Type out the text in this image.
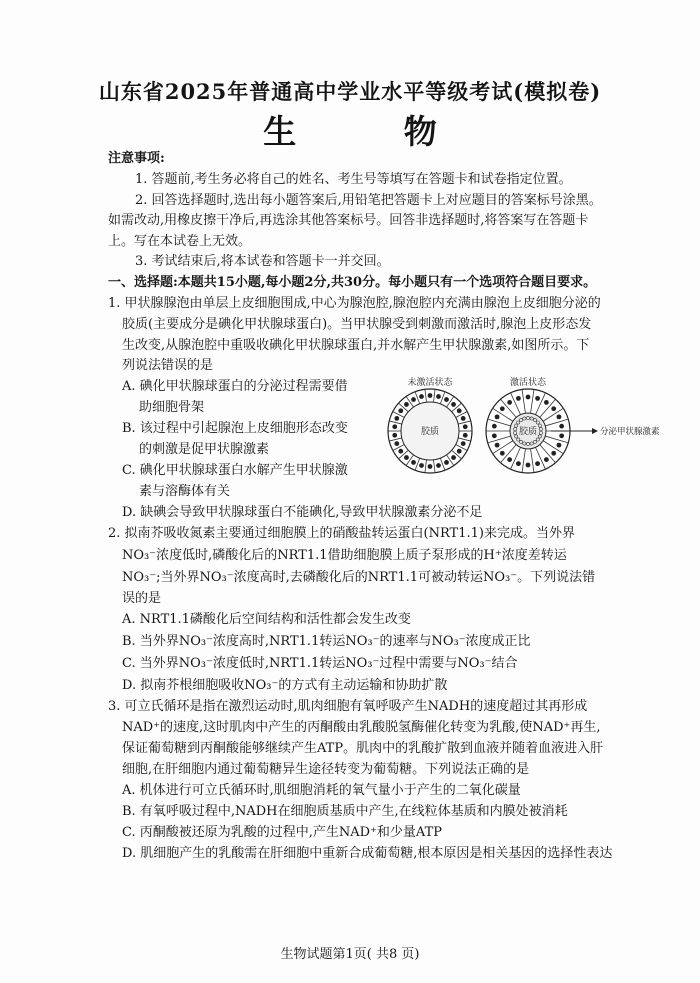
山东省2025年普通高中学业水平等级考试(模拟卷)
生 物
注意事项:
1. 答题前,考生务必将自己的姓名、考生号等填写在答题卡和试卷指定位置。
2. 回答选择题时,选出每小题答案后,用铅笔把答题卡上对应题目的答案标号涂黑。
如需改动,用橡皮擦干净后,再选涂其他答案标号。回答非选择题时,将答案写在答题卡
上。写在本试卷上无效。
3. 考试结束后,将本试卷和答题卡一并交回。
一、选择题:本题共15小题,每小题2分,共30分。每小题只有一个选项符合题目要求。
1. 甲状腺腺泡由单层上皮细胞围成,中心为腺泡腔,腺泡腔内充满由腺泡上皮细胞分泌的
胶质(主要成分是碘化甲状腺球蛋白)。当甲状腺受到刺激而激活时,腺泡上皮形态发
生改变,从腺泡腔中重吸收碘化甲状腺球蛋白,并水解产生甲状腺激素,如图所示。下
列说法错误的是
A. 碘化甲状腺球蛋白的分泌过程需要借
助细胞骨架
B. 该过程中引起腺泡上皮细胞形态改变
的刺激是促甲状腺激素
C. 碘化甲状腺球蛋白水解产生甲状腺激
素与溶酶体有关
D. 缺碘会导致甲状腺球蛋白不能碘化,导致甲状腺激素分泌不足
未激活状态	激活状态
胶质	胶质	分泌甲状腺激素
2. 拟南芥吸收氮素主要通过细胞膜上的硝酸盐转运蛋白(NRT1.1)来完成。当外界
NO₃⁻浓度低时,磷酸化后的NRT1.1借助细胞膜上质子泵形成的H⁺浓度差转运
NO₃⁻;当外界NO₃⁻浓度高时,去磷酸化后的NRT1.1可被动转运NO₃⁻。下列说法错
误的是
A. NRT1.1磷酸化后空间结构和活性都会发生改变
B. 当外界NO₃⁻浓度高时,NRT1.1转运NO₃⁻的速率与NO₃⁻浓度成正比
C. 当外界NO₃⁻浓度低时,NRT1.1转运NO₃⁻过程中需要与NO₃⁻结合
D. 拟南芥根细胞吸收NO₃⁻的方式有主动运输和协助扩散
3. 可立氏循环是指在激烈运动时,肌肉细胞有氧呼吸产生NADH的速度超过其再形成
NAD⁺的速度,这时肌肉中产生的丙酮酸由乳酸脱氢酶催化转变为乳酸,使NAD⁺再生,
保证葡萄糖到丙酮酸能够继续产生ATP。肌肉中的乳酸扩散到血液并随着血液进入肝
细胞,在肝细胞内通过葡萄糖异生途径转变为葡萄糖。下列说法正确的是
A. 机体进行可立氏循环时,肌细胞消耗的氧气量小于产生的二氧化碳量
B. 有氧呼吸过程中,NADH在细胞质基质中产生,在线粒体基质和内膜处被消耗
C. 丙酮酸被还原为乳酸的过程中,产生NAD⁺和少量ATP
D. 肌细胞产生的乳酸需在肝细胞中重新合成葡萄糖,根本原因是相关基因的选择性表达
生物试题第1页( 共8 页)
